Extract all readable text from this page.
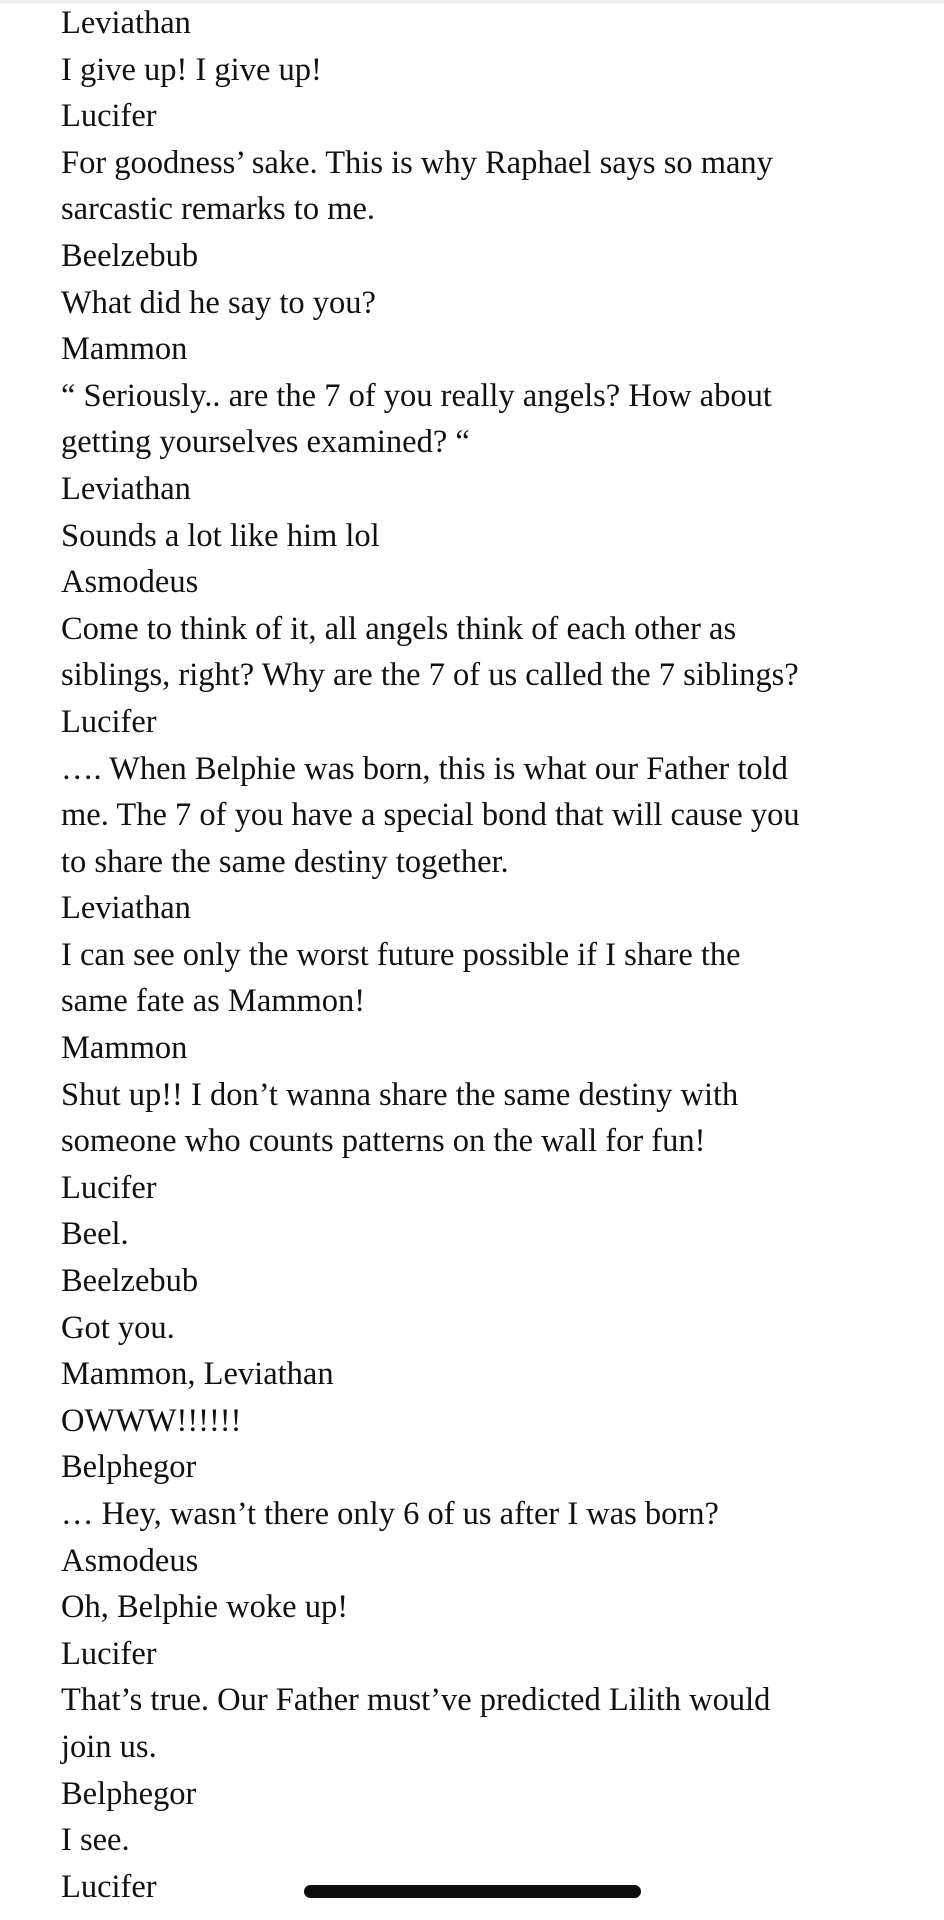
Leviathan
I give up! I give up!
Lucifer
For goodness’ sake. This is why Raphael says so many
sarcastic remarks to me.
Beelzebub
What did he say to you?
Mammon
“ Seriously.. are the 7 of you really angels? How about
getting yourselves examined? “
Leviathan
Sounds a lot like him lol
Asmodeus
Come to think of it, all angels think of each other as
siblings, right? Why are the 7 of us called the 7 siblings?
Lucifer
…. When Belphie was born, this is what our Father told
me. The 7 of you have a special bond that will cause you
to share the same destiny together.
Leviathan
I can see only the worst future possible if I share the
same fate as Mammon!
Mammon
Shut up!! I don’t wanna share the same destiny with
someone who counts patterns on the wall for fun!
Lucifer
Beel.
Beelzebub
Got you.
Mammon, Leviathan
OWWW!!!!!!
Belphegor
… Hey, wasn’t there only 6 of us after I was born?
Asmodeus
Oh, Belphie woke up!
Lucifer
That’s true. Our Father must’ve predicted Lilith would
join us.
Belphegor
I see.
Lucifer
